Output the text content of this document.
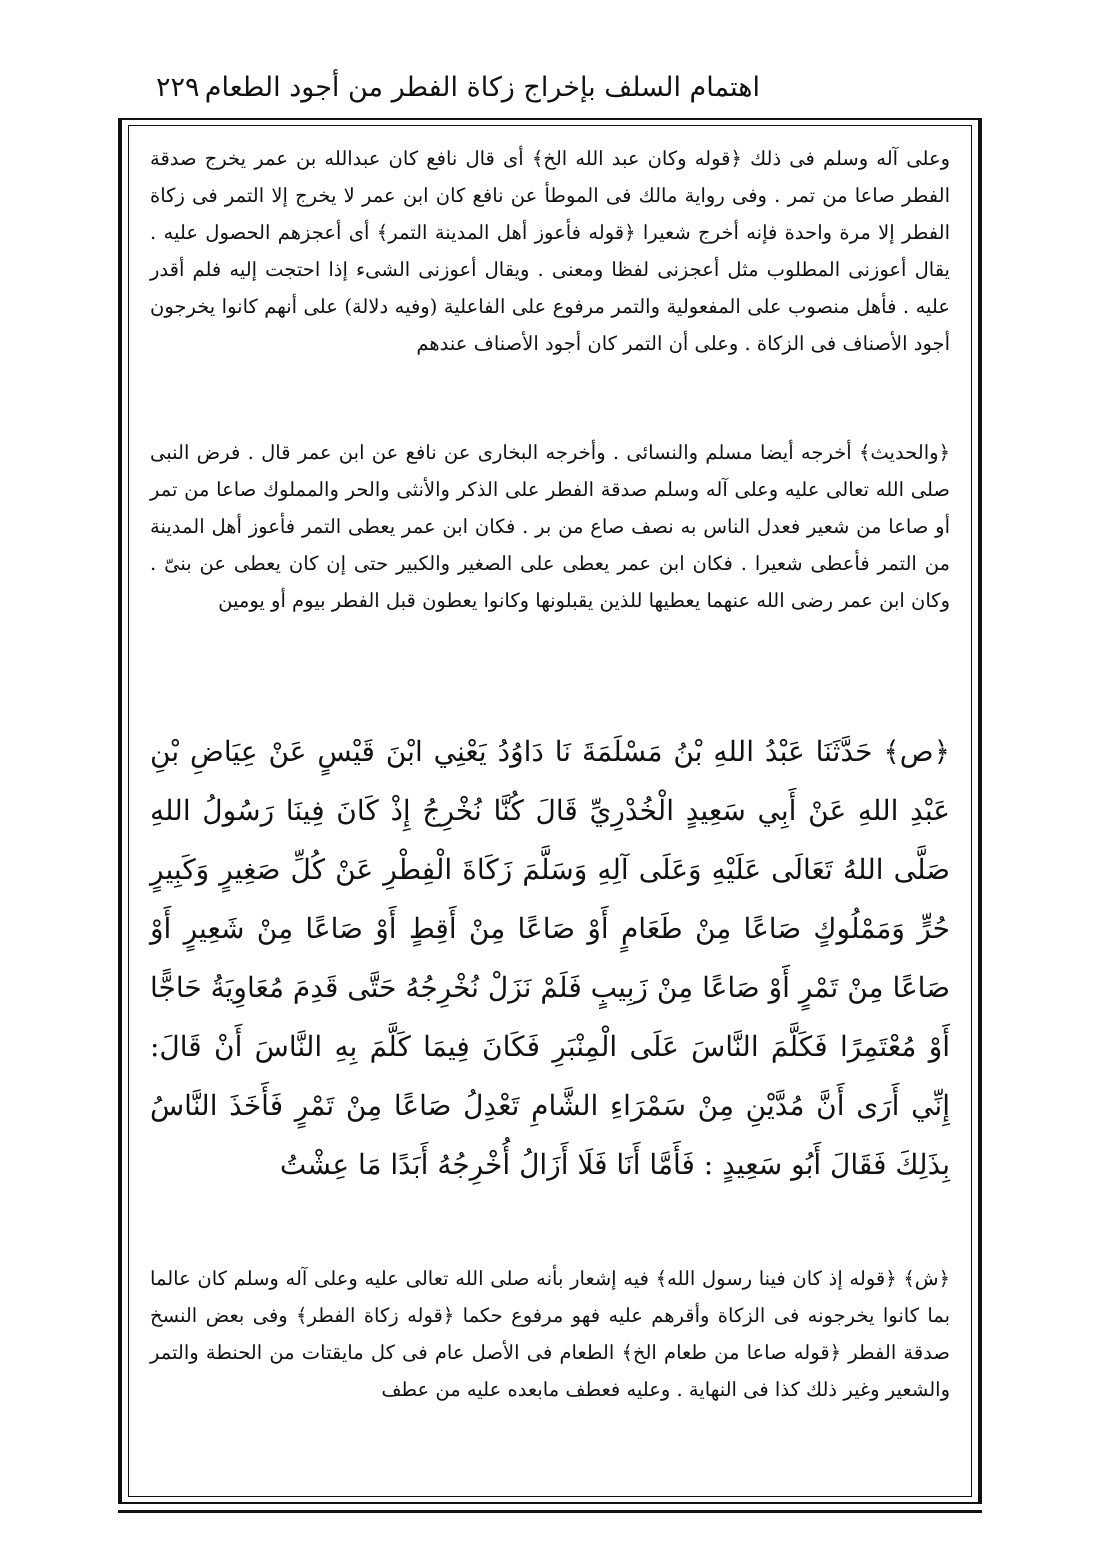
اهتمام السلف بإخراج زكاة الفطر من أجود الطعام
٢٢٩

وعلى آله وسلم فى ذلك ﴿قوله وكان عبد الله الخ﴾ أى قال نافع كان عبدالله بن عمر يخرج صدقة الفطر صاعا من تمر . وفى رواية مالك فى الموطأ عن نافع كان ابن عمر لا يخرج إلا التمر فى زكاة الفطر إلا مرة واحدة فإنه أخرج شعيرا ﴿قوله فأعوز أهل المدينة التمر﴾ أى أعجزهم الحصول عليه . يقال أعوزنى المطلوب مثل أعجزنى لفظا ومعنى . ويقال أعوزنى الشىء إذا احتجت إليه فلم أقدر عليه . فأهل منصوب على المفعولية والتمر مرفوع على الفاعلية (وفيه دلالة) على أنهم كانوا يخرجون أجود الأصناف فى الزكاة . وعلى أن التمر كان أجود الأصناف عندهم

﴿والحديث﴾ أخرجه أيضا مسلم والنسائى . وأخرجه البخارى عن نافع عن ابن عمر قال . فرض النبى صلى الله تعالى عليه وعلى آله وسلم صدقة الفطر على الذكر والأنثى والحر والمملوك صاعا من تمر أو صاعا من شعير فعدل الناس به نصف صاع من بر . فكان ابن عمر يعطى التمر فأعوز أهل المدينة من التمر فأعطى شعيرا . فكان ابن عمر يعطى على الصغير والكبير حتى إن كان يعطى عن بنىّ . وكان ابن عمر رضى الله عنهما يعطيها للذين يقبلونها وكانوا يعطون قبل الفطر بيوم أو يومين

﴿ص﴾ حَدَّثَنَا عَبْدُ اللهِ بْنُ مَسْلَمَةَ نَا دَاوُدُ يَعْنِي ابْنَ قَيْسٍ عَنْ عِيَاضِ بْنِ عَبْدِ اللهِ عَنْ أَبِي سَعِيدٍ الْخُدْرِيِّ قَالَ كُنَّا نُخْرِجُ إِذْ كَانَ فِينَا رَسُولُ اللهِ صَلَّى اللهُ تَعَالَى عَلَيْهِ وَعَلَى آلِهِ وَسَلَّمَ زَكَاةَ الْفِطْرِ عَنْ كُلِّ صَغِيرٍ وَكَبِيرٍ حُرٍّ وَمَمْلُوكٍ صَاعًا مِنْ طَعَامٍ أَوْ صَاعًا مِنْ أَقِطٍ أَوْ صَاعًا مِنْ شَعِيرٍ أَوْ صَاعًا مِنْ تَمْرٍ أَوْ صَاعًا مِنْ زَبِيبٍ فَلَمْ نَزَلْ نُخْرِجُهُ حَتَّى قَدِمَ مُعَاوِيَةُ حَاجًّا أَوْ مُعْتَمِرًا فَكَلَّمَ النَّاسَ عَلَى الْمِنْبَرِ فَكَانَ فِيمَا كَلَّمَ بِهِ النَّاسَ أَنْ قَالَ: إِنِّي أَرَى أَنَّ مُدَّيْنِ مِنْ سَمْرَاءِ الشَّامِ تَعْدِلُ صَاعًا مِنْ تَمْرٍ فَأَخَذَ النَّاسُ بِذَلِكَ فَقَالَ أَبُو سَعِيدٍ : فَأَمَّا أَنَا فَلَا أَزَالُ أُخْرِجُهُ أَبَدًا مَا عِشْتُ

﴿ش﴾ ﴿قوله إذ كان فينا رسول الله﴾ فيه إشعار بأنه صلى الله تعالى عليه وعلى آله وسلم كان عالما بما كانوا يخرجونه فى الزكاة وأقرهم عليه فهو مرفوع حكما ﴿قوله زكاة الفطر﴾ وفى بعض النسخ صدقة الفطر ﴿قوله صاعا من طعام الخ﴾ الطعام فى الأصل عام فى كل مايقتات من الحنطة والتمر والشعير وغير ذلك كذا فى النهاية . وعليه فعطف مابعده عليه من عطف
